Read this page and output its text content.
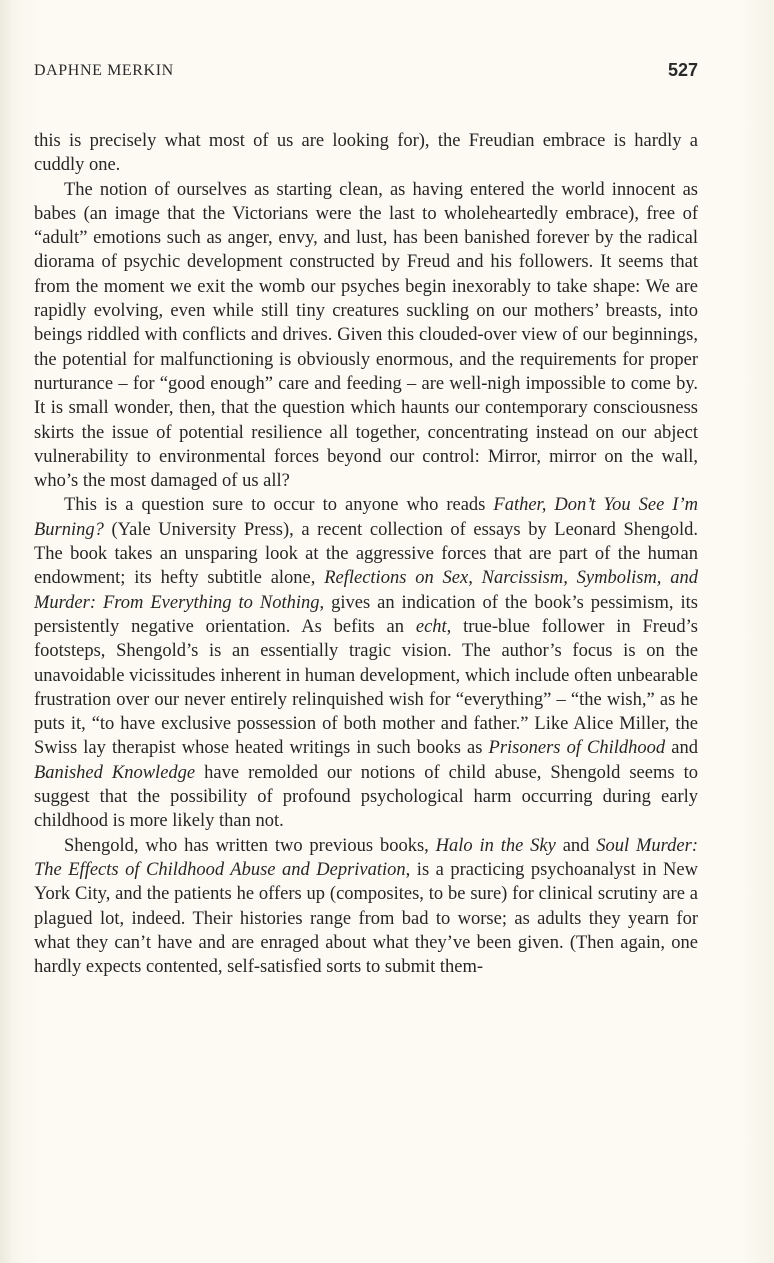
DAPHNE MERKIN	527

this is precisely what most of us are looking for), the Freudian embrace is hardly a cuddly one.

The notion of ourselves as starting clean, as having entered the world innocent as babes (an image that the Victorians were the last to wholeheartedly embrace), free of “adult” emotions such as anger, envy, and lust, has been banished forever by the radical diorama of psychic development constructed by Freud and his followers. It seems that from the moment we exit the womb our psyches begin inexorably to take shape: We are rapidly evolving, even while still tiny creatures suckling on our mothers’ breasts, into beings riddled with conflicts and drives. Given this clouded-over view of our beginnings, the potential for malfunctioning is obviously enormous, and the requirements for proper nurturance – for “good enough” care and feeding – are well-nigh impossible to come by. It is small wonder, then, that the question which haunts our contemporary consciousness skirts the issue of potential resilience all together, concentrating instead on our abject vulnerability to environmental forces beyond our control: Mirror, mirror on the wall, who’s the most damaged of us all?

This is a question sure to occur to anyone who reads Father, Don’t You See I’m Burning? (Yale University Press), a recent collection of essays by Leonard Shengold. The book takes an unsparing look at the aggressive forces that are part of the human endowment; its hefty subtitle alone, Reflections on Sex, Narcissism, Symbolism, and Murder: From Everything to Nothing, gives an indication of the book’s pessimism, its persistently negative orientation. As befits an echt, true-blue follower in Freud’s footsteps, Shengold’s is an essentially tragic vision. The author’s focus is on the unavoidable vicissitudes inherent in human development, which include often unbearable frustration over our never entirely relinquished wish for “everything” – “the wish,” as he puts it, “to have exclusive possession of both mother and father.” Like Alice Miller, the Swiss lay therapist whose heated writings in such books as Prisoners of Childhood and Banished Knowledge have remolded our notions of child abuse, Shengold seems to suggest that the possibility of profound psychological harm occurring during early childhood is more likely than not.

Shengold, who has written two previous books, Halo in the Sky and Soul Murder: The Effects of Childhood Abuse and Deprivation, is a practicing psychoanalyst in New York City, and the patients he offers up (composites, to be sure) for clinical scrutiny are a plagued lot, indeed. Their histories range from bad to worse; as adults they yearn for what they can’t have and are enraged about what they’ve been given. (Then again, one hardly expects contented, self-satisfied sorts to submit them-
